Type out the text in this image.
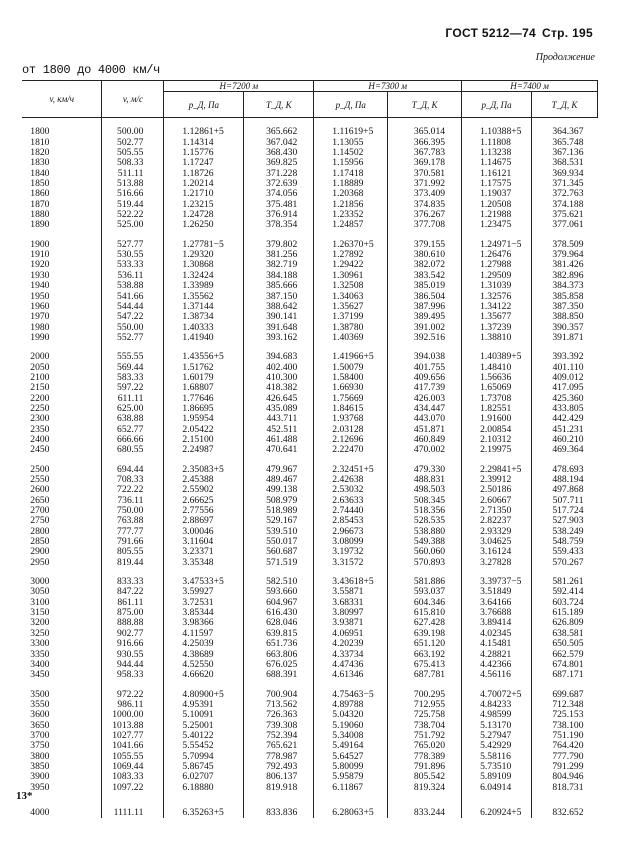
ГОСТ 5212—74 Стр. 195
Продолжение
от 1800 до 4000 км/ч
v, км/ч	v, м/с	H=7200 м		H=7300 м		H=7400 м	
		p_Д, Па	T_Д, К	p_Д, Па	T_Д, К	p_Д, Па	T_Д, К

1800	500.00	1.12861+5	365.662	1.11619+5	365.014	1.10388+5	364.367
1810	502.77	1.14314	367.042	1.13055	366.395	1.11808	365.748
1820	505.55	1.15776	368.430	1.14502	367.783	1.13238	367.136
1830	508.33	1.17247	369.825	1.15956	369.178	1.14675	368.531
1840	511.11	1.18726	371.228	1.17418	370.581	1.16121	369.934
1850	513.88	1.20214	372.639	1.18889	371.992	1.17575	371.345
1860	516.66	1.21710	374.056	1.20368	373.409	1.19037	372.763
1870	519.44	1.23215	375.481	1.21856	374.835	1.20508	374.188
1880	522.22	1.24728	376.914	1.23352	376.267	1.21988	375.621
1890	525.00	1.26250	378.354	1.24857	377.708	1.23475	377.061

1900	527.77	1.27781−5	379.802	1.26370+5	379.155	1.24971−5	378.509
1910	530.55	1.29320	381.256	1.27892	380.610	1.26476	379.964
1920	533.33	1.30868	382.719	1.29422	382.072	1.27988	381.426
1930	536.11	1.32424	384.188	1.30961	383.542	1.29509	382.896
1940	538.88	1.33989	385.666	1.32508	385.019	1.31039	384.373
1950	541.66	1.35562	387.150	1.34063	386.504	1.32576	385.858
1960	544.44	1.37144	388.642	1.35627	387.996	1.34122	387.350
1970	547.22	1.38734	390.141	1.37199	389.495	1.35677	388.850
1980	550.00	1.40333	391.648	1.38780	391.002	1.37239	390.357
1990	552.77	1.41940	393.162	1.40369	392.516	1.38810	391.871

2000	555.55	1.43556+5	394.683	1.41966+5	394.038	1.40389+5	393.392
2050	569.44	1.51762	402.400	1.50079	401.755	1.48410	401.110
2100	583.33	1.60179	410.300	1.58400	409.656	1.56636	409.012
2150	597.22	1.68807	418.382	1.66930	417.739	1.65069	417.095
2200	611.11	1.77646	426.645	1.75669	426.003	1.73708	425.360
2250	625.00	1.86695	435.089	1.84615	434.447	1.82551	433.805
2300	638.88	1.95954	443.711	1.93768	443.070	1.91600	442.429
2350	652.77	2.05422	452.511	2.03128	451.871	2.00854	451.231
2400	666.66	2.15100	461.488	2.12696	460.849	2.10312	460.210
2450	680.55	2.24987	470.641	2.22470	470.002	2.19975	469.364

2500	694.44	2.35083+5	479.967	2.32451+5	479.330	2.29841+5	478.693
2550	708.33	2.45388	489.467	2.42638	488.831	2.39912	488.194
2600	722.22	2.55902	499.138	2.53032	498.503	2.50186	497.868
2650	736.11	2.66625	508.979	2.63633	508.345	2.60667	507.711
2700	750.00	2.77556	518.989	2.74440	518.356	2.71350	517.724
2750	763.88	2.88697	529.167	2.85453	528.535	2.82237	527.903
2800	777.77	3.00046	539.510	2.96673	538.880	2.93329	538.249
2850	791.66	3.11604	550.017	3.08099	549.388	3.04625	548.759
2900	805.55	3.23371	560.687	3.19732	560.060	3.16124	559.433
2950	819.44	3.35348	571.519	3.31572	570.893	3.27828	570.267

3000	833.33	3.47533+5	582.510	3.43618+5	581.886	3.39737−5	581.261
3050	847.22	3.59927	593.660	3.55871	593.037	3.51849	592.414
3100	861.11	3.72531	604.967	3.68331	604.346	3.64166	603.724
3150	875.00	3.85344	616.430	3.80997	615.810	3.76688	615.189
3200	888.88	3.98366	628.046	3.93871	627.428	3.89414	626.809
3250	902.77	4.11597	639.815	4.06951	639.198	4.02345	638.581
3300	916.66	4.25039	651.736	4.20239	651.120	4.15481	650.505
3350	930.55	4.38689	663.806	4.33734	663.192	4.28821	662.579
3400	944.44	4.52550	676.025	4.47436	675.413	4.42366	674.801
3450	958.33	4.66620	688.391	4.61346	687.781	4.56116	687.171

3500	972.22	4.80900+5	700.904	4.75463−5	700.295	4.70072+5	699.687
3550	986.11	4.95391	713.562	4.89788	712.955	4.84233	712.348
3600	1000.00	5.10091	726.363	5.04320	725.758	4.98599	725.153
3650	1013.88	5.25001	739.308	5.19060	738.704	5.13170	738.100
3700	1027.77	5.40122	752.394	5.34008	751.792	5.27947	751.190
3750	1041.66	5.55452	765.621	5.49164	765.020	5.42929	764.420
3800	1055.55	5.70994	778.987	5.64527	778.389	5.58116	777.790
3850	1069.44	5.86745	792.493	5.80099	791.896	5.73510	791.299
3900	1083.33	6.02707	806.137	5.95879	805.542	5.89109	804.946
3950	1097.22	6.18880	819.918	6.11867	819.324	6.04914	818.731

4000	1111.11	6.35263+5	833.836	6.28063+5	833.244	6.20924+5	832.652
13*
